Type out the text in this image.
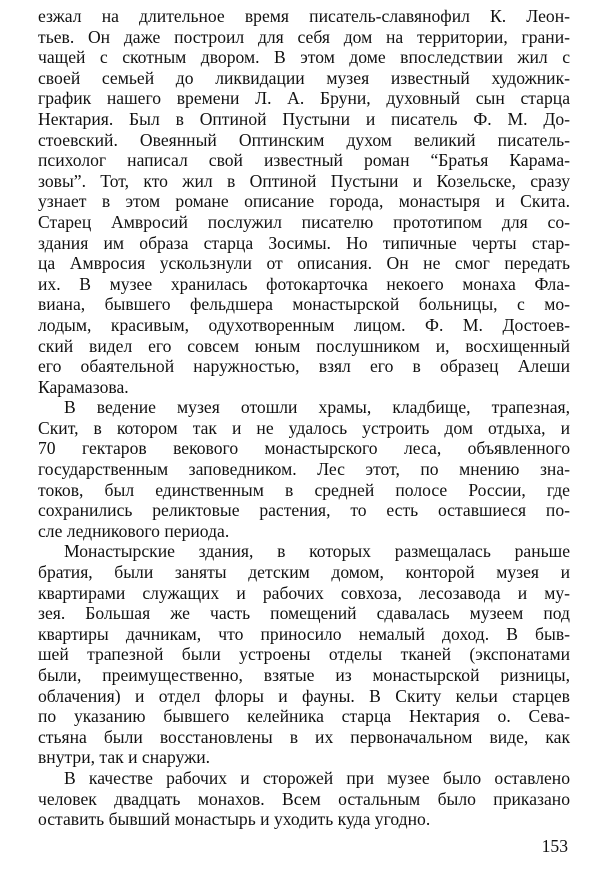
езжал на длительное время писатель-славянофил К. Леон-
тьев. Он даже построил для себя дом на территории, грани-
чащей с скотным двором. В этом доме впоследствии жил с
своей семьей до ликвидации музея известный художник-
график нашего времени Л. А. Бруни, духовный сын старца
Нектария. Был в Оптиной Пустыни и писатель Ф. М. До-
стоевский. Овеянный Оптинским духом великий писатель-
психолог написал свой известный роман “Братья Карама-
зовы”. Тот, кто жил в Оптиной Пустыни и Козельске, сразу
узнает в этом романе описание города, монастыря и Скита.
Старец Амвросий послужил писателю прототипом для со-
здания им образа старца Зосимы. Но типичные черты стар-
ца Амвросия ускользнули от описания. Он не смог передать
их. В музее хранилась фотокарточка некоего монаха Фла-
виана, бывшего фельдшера монастырской больницы, с мо-
лодым, красивым, одухотворенным лицом. Ф. М. Достоев-
ский видел его совсем юным послушником и, восхищенный
его обаятельной наружностью, взял его в образец Алеши
Карамазова.
В ведение музея отошли храмы, кладбище, трапезная,
Скит, в котором так и не удалось устроить дом отдыха, и
70 гектаров векового монастырского леса, объявленного
государственным заповедником. Лес этот, по мнению зна-
токов, был единственным в средней полосе России, где
сохранились реликтовые растения, то есть оставшиеся по-
сле ледникового периода.
Монастырские здания, в которых размещалась раньше
братия, были заняты детским домом, конторой музея и
квартирами служащих и рабочих совхоза, лесозавода и му-
зея. Большая же часть помещений сдавалась музеем под
квартиры дачникам, что приносило немалый доход. В быв-
шей трапезной были устроены отделы тканей (экспонатами
были, преимущественно, взятые из монастырской ризницы,
облачения) и отдел флоры и фауны. В Скиту кельи старцев
по указанию бывшего келейника старца Нектария о. Сева-
стьяна были восстановлены в их первоначальном виде, как
внутри, так и снаружи.
В качестве рабочих и сторожей при музее было оставлено
человек двадцать монахов. Всем остальным было приказано
оставить бывший монастырь и уходить куда угодно.
153
